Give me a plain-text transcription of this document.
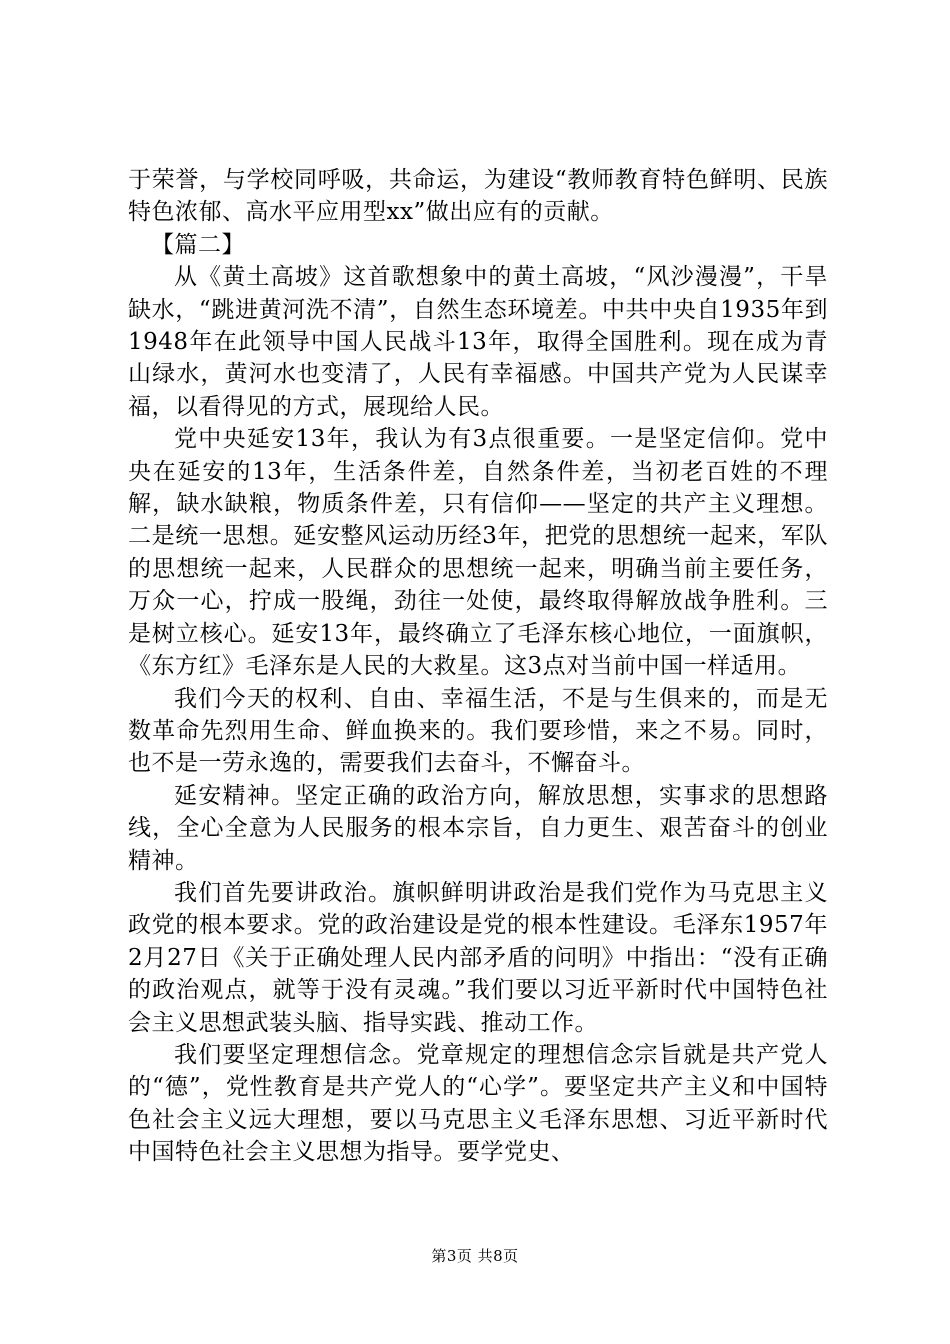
于荣誉，与学校同呼吸，共命运，为建设“教师教育特色鲜明、民族特色浓郁、高水平应用型xx”做出应有的贡献。

【篇二】

从《黄土高坡》这首歌想象中的黄土高坡，“风沙漫漫”，干旱缺水，“跳进黄河洗不清”，自然生态环境差。中共中央自1935年到1948年在此领导中国人民战斗13年，取得全国胜利。现在成为青山绿水，黄河水也变清了，人民有幸福感。中国共产党为人民谋幸福，以看得见的方式，展现给人民。

党中央延安13年，我认为有3点很重要。一是坚定信仰。党中央在延安的13年，生活条件差，自然条件差，当初老百姓的不理解，缺水缺粮，物质条件差，只有信仰——坚定的共产主义理想。二是统一思想。延安整风运动历经3年，把党的思想统一起来，军队的思想统一起来，人民群众的思想统一起来，明确当前主要任务，万众一心，拧成一股绳，劲往一处使，最终取得解放战争胜利。三是树立核心。延安13年，最终确立了毛泽东核心地位，一面旗帜，《东方红》毛泽东是人民的大救星。这3点对当前中国一样适用。

我们今天的权利、自由、幸福生活，不是与生俱来的，而是无数革命先烈用生命、鲜血换来的。我们要珍惜，来之不易。同时，也不是一劳永逸的，需要我们去奋斗，不懈奋斗。

延安精神。坚定正确的政治方向，解放思想，实事求的思想路线，全心全意为人民服务的根本宗旨，自力更生、艰苦奋斗的创业精神。

我们首先要讲政治。旗帜鲜明讲政治是我们党作为马克思主义政党的根本要求。党的政治建设是党的根本性建设。毛泽东1957年2月27日《关于正确处理人民内部矛盾的问明》中指出：“没有正确的政治观点，就等于没有灵魂。”我们要以习近平新时代中国特色社会主义思想武装头脑、指导实践、推动工作。

我们要坚定理想信念。党章规定的理想信念宗旨就是共产党人的“德”，党性教育是共产党人的“心学”。要坚定共产主义和中国特色社会主义远大理想，要以马克思主义毛泽东思想、习近平新时代中国特色社会主义思想为指导。要学党史、

第3页 共8页
